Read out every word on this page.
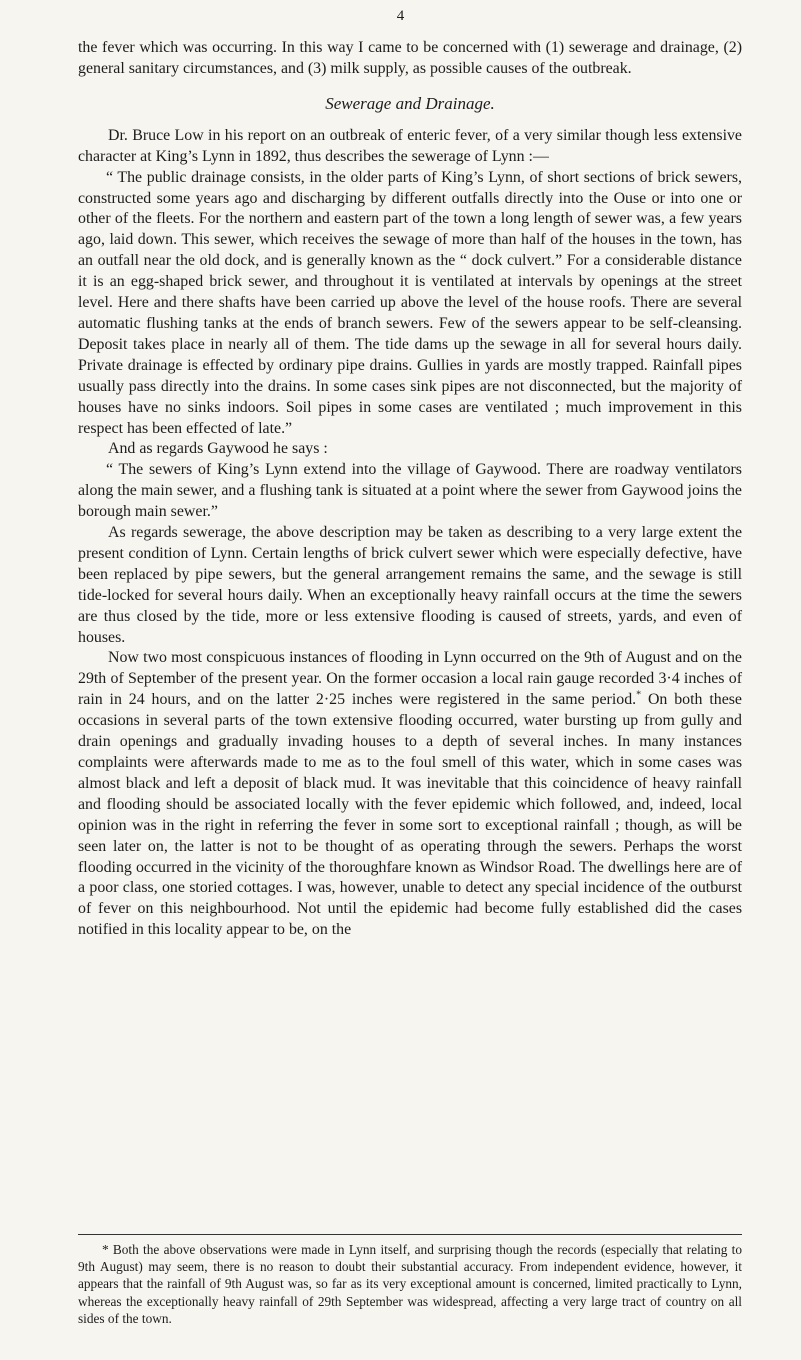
4

the fever which was occurring. In this way I came to be concerned with (1) sewerage and drainage, (2) general sanitary circumstances, and (3) milk supply, as possible causes of the outbreak.

Sewerage and Drainage.

Dr. Bruce Low in his report on an outbreak of enteric fever, of a very similar though less extensive character at King’s Lynn in 1892, thus describes the sewerage of Lynn :—

“ The public drainage consists, in the older parts of King’s Lynn, of short sections of brick sewers, constructed some years ago and discharging by different outfalls directly into the Ouse or into one or other of the fleets. For the northern and eastern part of the town a long length of sewer was, a few years ago, laid down. This sewer, which receives the sewage of more than half of the houses in the town, has an outfall near the old dock, and is generally known as the “ dock culvert.” For a considerable distance it is an egg-shaped brick sewer, and throughout it is ventilated at intervals by openings at the street level. Here and there shafts have been carried up above the level of the house roofs. There are several automatic flushing tanks at the ends of branch sewers. Few of the sewers appear to be self-cleansing. Deposit takes place in nearly all of them. The tide dams up the sewage in all for several hours daily. Private drainage is effected by ordinary pipe drains. Gullies in yards are mostly trapped. Rainfall pipes usually pass directly into the drains. In some cases sink pipes are not disconnected, but the majority of houses have no sinks indoors. Soil pipes in some cases are ventilated ; much improvement in this respect has been effected of late.”

And as regards Gaywood he says :

“ The sewers of King’s Lynn extend into the village of Gaywood. There are roadway ventilators along the main sewer, and a flushing tank is situated at a point where the sewer from Gaywood joins the borough main sewer.”

As regards sewerage, the above description may be taken as describing to a very large extent the present condition of Lynn. Certain lengths of brick culvert sewer which were especially defective, have been replaced by pipe sewers, but the general arrangement remains the same, and the sewage is still tide-locked for several hours daily. When an exceptionally heavy rainfall occurs at the time the sewers are thus closed by the tide, more or less extensive flooding is caused of streets, yards, and even of houses.

Now two most conspicuous instances of flooding in Lynn occurred on the 9th of August and on the 29th of September of the present year. On the former occasion a local rain gauge recorded 3·4 inches of rain in 24 hours, and on the latter 2·25 inches were registered in the same period.* On both these occasions in several parts of the town extensive flooding occurred, water bursting up from gully and drain openings and gradually invading houses to a depth of several inches. In many instances complaints were afterwards made to me as to the foul smell of this water, which in some cases was almost black and left a deposit of black mud. It was inevitable that this coincidence of heavy rainfall and flooding should be associated locally with the fever epidemic which followed, and, indeed, local opinion was in the right in referring the fever in some sort to exceptional rainfall ; though, as will be seen later on, the latter is not to be thought of as operating through the sewers. Perhaps the worst flooding occurred in the vicinity of the thoroughfare known as Windsor Road. The dwellings here are of a poor class, one storied cottages. I was, however, unable to detect any special incidence of the outburst of fever on this neighbourhood. Not until the epidemic had become fully established did the cases notified in this locality appear to be, on the

* Both the above observations were made in Lynn itself, and surprising though the records (especially that relating to 9th August) may seem, there is no reason to doubt their substantial accuracy. From independent evidence, however, it appears that the rainfall of 9th August was, so far as its very exceptional amount is concerned, limited practically to Lynn, whereas the exceptionally heavy rainfall of 29th September was widespread, affecting a very large tract of country on all sides of the town.
